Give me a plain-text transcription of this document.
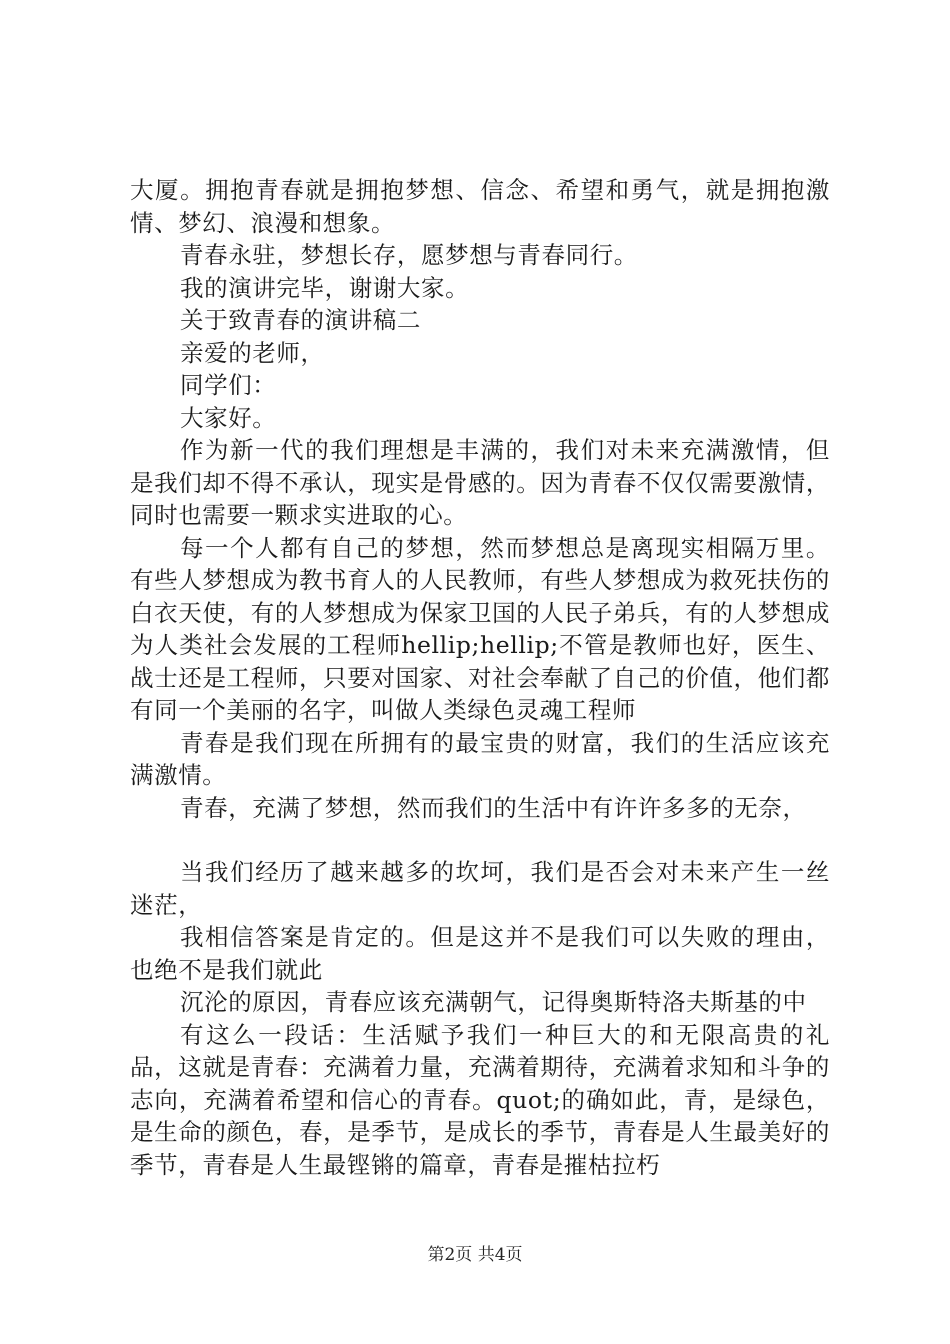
大厦。拥抱青春就是拥抱梦想、信念、希望和勇气，就是拥抱激情、梦幻、浪漫和想象。

青春永驻，梦想长存，愿梦想与青春同行。

我的演讲完毕，谢谢大家。

关于致青春的演讲稿二

亲爱的老师，

同学们：

大家好。

作为新一代的我们理想是丰满的，我们对未来充满激情，但是我们却不得不承认，现实是骨感的。因为青春不仅仅需要激情，同时也需要一颗求实进取的心。

每一个人都有自己的梦想，然而梦想总是离现实相隔万里。有些人梦想成为教书育人的人民教师，有些人梦想成为救死扶伤的白衣天使，有的人梦想成为保家卫国的人民子弟兵，有的人梦想成为人类社会发展的工程师hellip;hellip;不管是教师也好，医生、战士还是工程师，只要对国家、对社会奉献了自己的价值，他们都有同一个美丽的名字，叫做人类绿色灵魂工程师

青春是我们现在所拥有的最宝贵的财富，我们的生活应该充满激情。

青春，充满了梦想，然而我们的生活中有许许多多的无奈，

当我们经历了越来越多的坎坷，我们是否会对未来产生一丝迷茫，

我相信答案是肯定的。但是这并不是我们可以失败的理由，也绝不是我们就此

沉沦的原因，青春应该充满朝气，记得奥斯特洛夫斯基的中

有这么一段话：生活赋予我们一种巨大的和无限高贵的礼品，这就是青春：充满着力量，充满着期待，充满着求知和斗争的志向，充满着希望和信心的青春。quot;的确如此，青，是绿色，是生命的颜色，春，是季节，是成长的季节，青春是人生最美好的季节，青春是人生最铿锵的篇章，青春是摧枯拉朽

第2页 共4页
